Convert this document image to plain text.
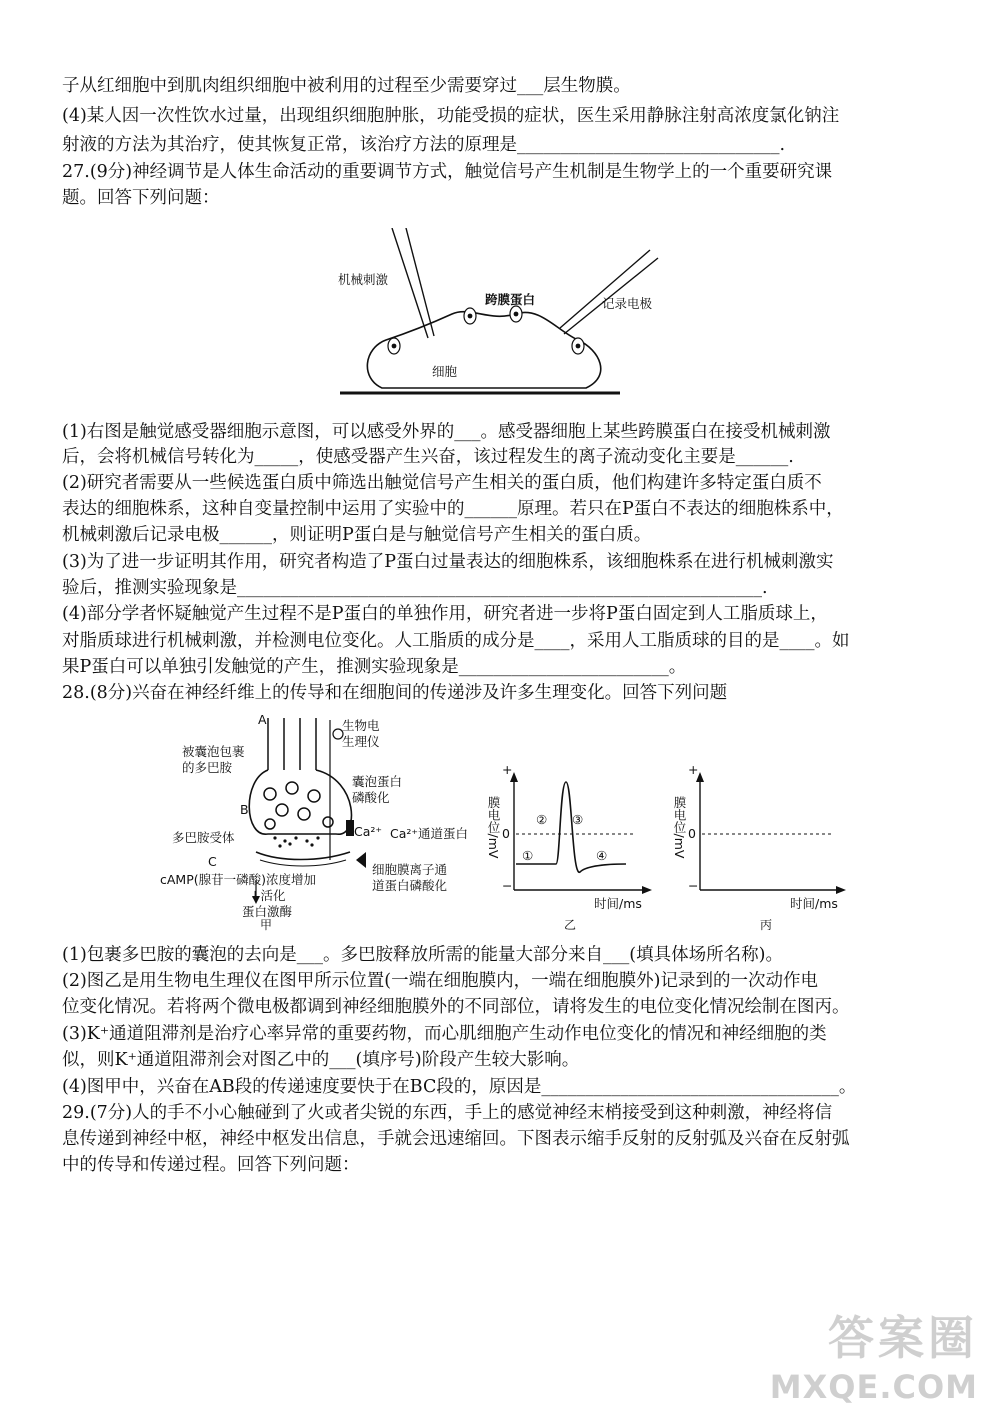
子从红细胞中到肌肉组织细胞中被利用的过程至少需要穿过___层生物膜。
(4)某人因一次性饮水过量，出现组织细胞肿胀，功能受损的症状，医生采用静脉注射高浓度氯化钠注
射液的方法为其治疗，使其恢复正常，该治疗方法的原理是______________________________.
27.(9分)神经调节是人体生命活动的重要调节方式，触觉信号产生机制是生物学上的一个重要研究课
题。回答下列问题：
机械刺激
跨膜蛋白	记录电极
细胞
(1)右图是触觉感受器细胞示意图，可以感受外界的___。感受器细胞上某些跨膜蛋白在接受机械刺激
后，会将机械信号转化为_____，使感受器产生兴奋，该过程发生的离子流动变化主要是______.
(2)研究者需要从一些候选蛋白质中筛选出触觉信号产生相关的蛋白质，他们构建许多特定蛋白质不
表达的细胞株系，这种自变量控制中运用了实验中的______原理。若只在P蛋白不表达的细胞株系中，
机械刺激后记录电极______，则证明P蛋白是与触觉信号产生相关的蛋白质。
(3)为了进一步证明其作用，研究者构造了P蛋白过量表达的细胞株系，该细胞株系在进行机械刺激实
验后，推测实验现象是____________________________________________________________.
(4)部分学者怀疑触觉产生过程不是P蛋白的单独作用，研究者进一步将P蛋白固定到人工脂质球上，
对脂质球进行机械刺激，并检测电位变化。人工脂质的成分是____，采用人工脂质球的目的是____。如
果P蛋白可以单独引发触觉的产生，推测实验现象是________________________。
28.(8分)兴奋在神经纤维上的传导和在细胞间的传递涉及许多生理变化。回答下列问题
A	生物电
生理仪
被囊泡包裹
的多巴胺
囊泡蛋白
磷酸化
B
多巴胺受体	Ca²⁺ Ca²⁺通道蛋白
C
细胞膜离子通
道蛋白磷酸化
cAMP(腺苷一磷酸)浓度增加
↓活化
蛋白激酶
甲
+
−
0
膜电位/mV ①
② ③
④
时间/ms
乙
+
−
0
膜电位/mV
时间/ms
丙
(1)包裹多巴胺的囊泡的去向是___。多巴胺释放所需的能量大部分来自___(填具体场所名称)。
(2)图乙是用生物电生理仪在图甲所示位置(一端在细胞膜内，一端在细胞膜外)记录到的一次动作电
位变化情况。若将两个微电极都调到神经细胞膜外的不同部位，请将发生的电位变化情况绘制在图丙。
(3)K⁺通道阻滞剂是治疗心率异常的重要药物，而心肌细胞产生动作电位变化的情况和神经细胞的类
似，则K⁺通道阻滞剂会对图乙中的___(填序号)阶段产生较大影响。
(4)图甲中，兴奋在AB段的传递速度要快于在BC段的，原因是__________________________________。
29.(7分)人的手不小心触碰到了火或者尖锐的东西，手上的感觉神经末梢接受到这种刺激，神经将信
息传递到神经中枢，神经中枢发出信息，手就会迅速缩回。下图表示缩手反射的反射弧及兴奋在反射弧
中的传导和传递过程。回答下列问题：
答案圈
MXQE.COM
